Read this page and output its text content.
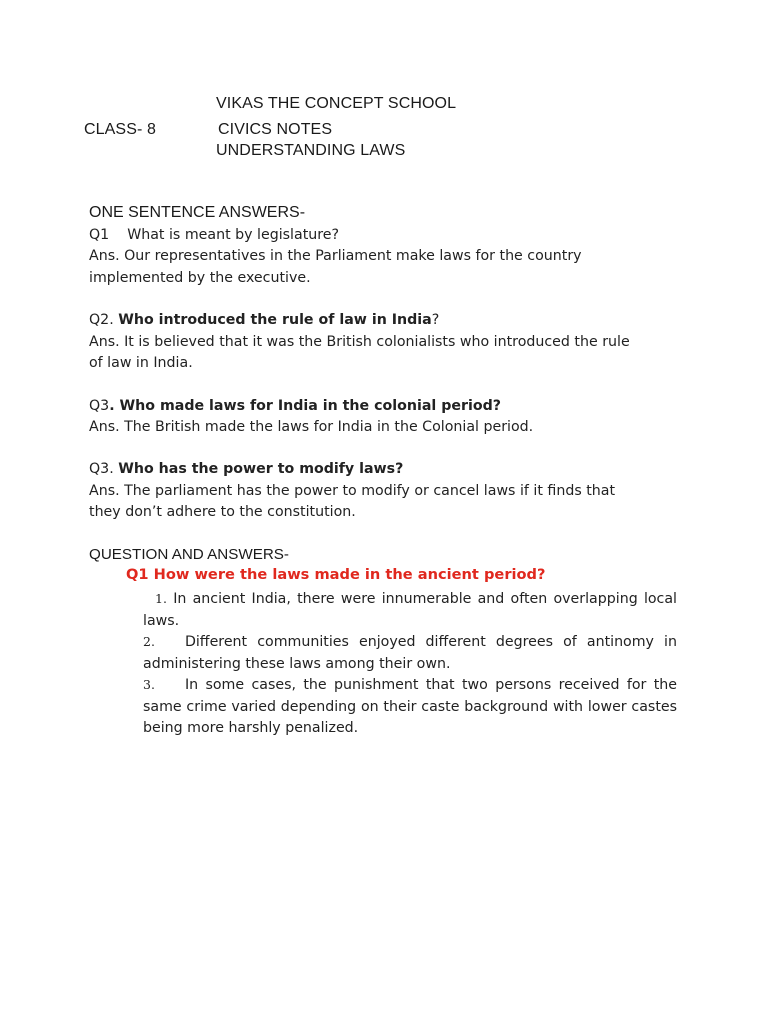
VIKAS THE CONCEPT SCHOOL
CLASS- 8	CIVICS NOTES
UNDERSTANDING LAWS
ONE SENTENCE ANSWERS-
Q1 What is meant by legislature?
Ans. Our representatives in the Parliament make laws for the country
implemented by the executive.
Q2. Who introduced the rule of law in India?
Ans. It is believed that it was the British colonialists who introduced the rule
of law in India.
Q3. Who made laws for India in the colonial period?
Ans. The British made the laws for India in the Colonial period.
Q3. Who has the power to modify laws?
Ans. The parliament has the power to modify or cancel laws if it finds that
they don’t adhere to the constitution.
QUESTION AND ANSWERS-
Q1 How were the laws made in the ancient period?
1. In ancient India, there were innumerable and often overlapping local laws.
2. Different communities enjoyed different degrees of antinomy in administering these laws among their own.
3. In some cases, the punishment that two persons received for the same crime varied depending on their caste background with lower castes being more harshly penalized.
